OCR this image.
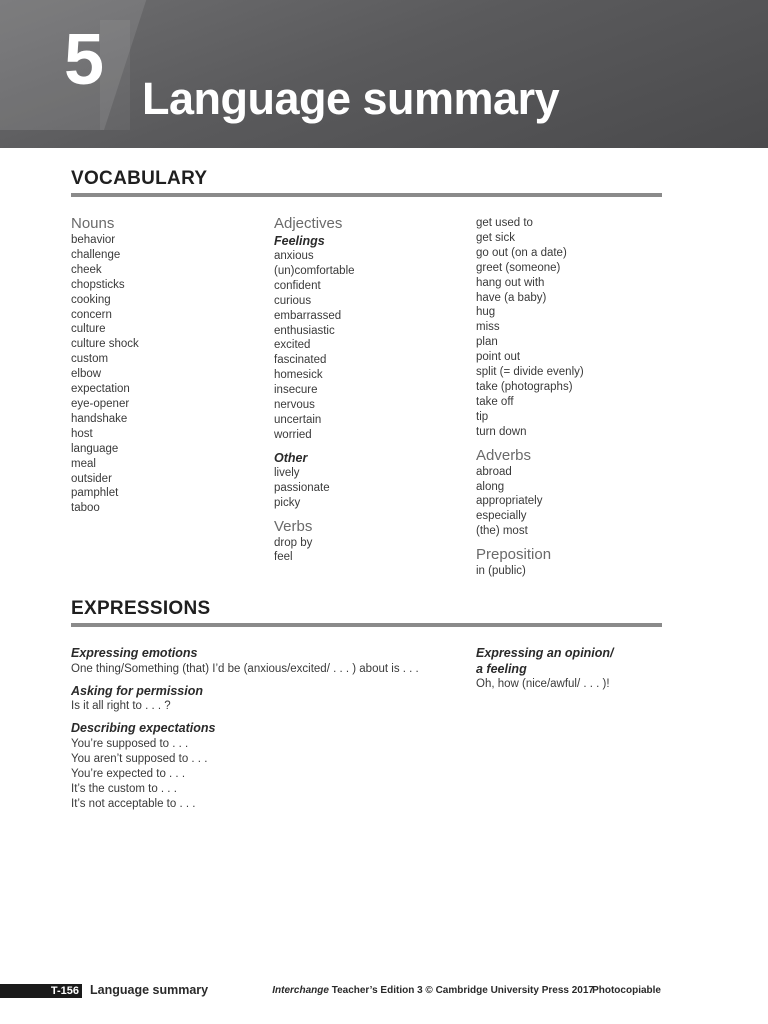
5 Language summary
VOCABULARY

Nouns

behavior

challenge

cheek

chopsticks

cooking

concern

culture

culture shock

custom

elbow

expectation

eye-opener

handshake

host

language

meal

outsider

pamphlet

taboo

Adjectives

Feelings

anxious

(un)comfortable

confident

curious

embarrassed

enthusiastic

excited

fascinated

homesick

insecure

nervous

uncertain

worried

Other

lively

passionate

picky

Verbs

drop by

feel

get used to

get sick

go out (on a date)

greet (someone)

hang out with

have (a baby)

hug

miss

plan

point out

split (= divide evenly)

take (photographs)

take off

tip

turn down

Adverbs

abroad

along

appropriately

especially

(the) most

Preposition

in (public)

EXPRESSIONS

Expressing emotions

One thing/Something (that) I’d be (anxious/excited/ . . . ) about is . . .

Asking for permission

Is it all right to . . . ?

Describing expectations

You’re supposed to . . .

You aren’t supposed to . . .

You’re expected to . . .

It’s the custom to . . .

It’s not acceptable to . . .

Expressing an opinion/

a feeling

Oh, how (nice/awful/ . . . )!

T-156 Language summary	Interchange Teacher’s Edition 3 © Cambridge University Press 2017
Photocopiable
